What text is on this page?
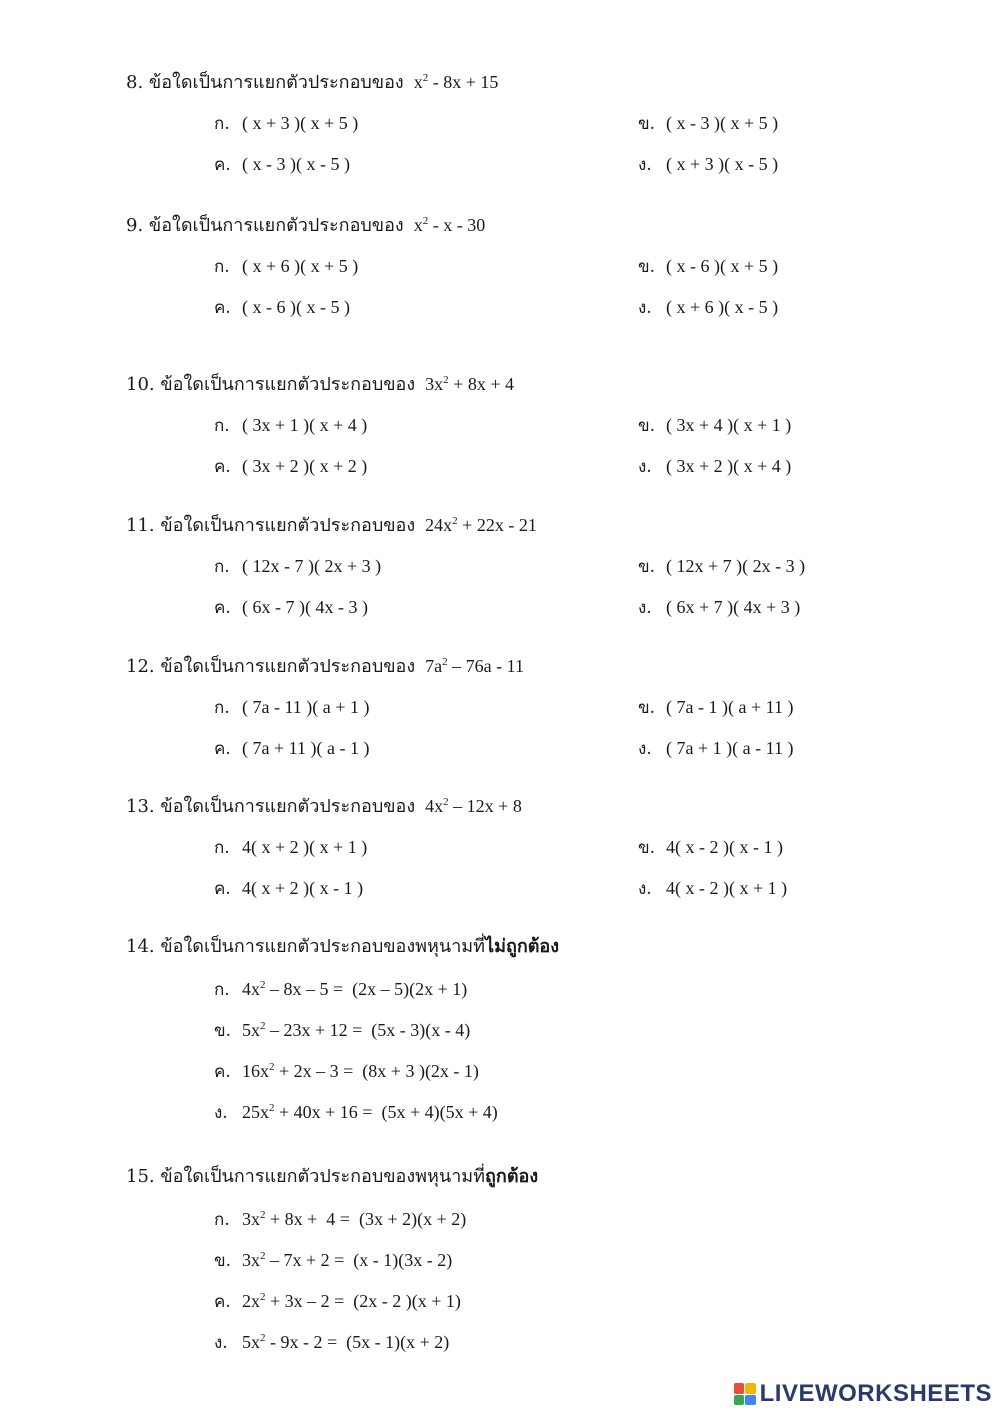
8. ข้อใดเป็นการแยกตัวประกอบของ $x^2 - 8x + 15$
ก. ( x + 3 )( x + 5 )	ข. ( x - 3 )( x + 5 )
ค. ( x - 3 )( x - 5 )	ง. ( x + 3 )( x - 5 )
9. ข้อใดเป็นการแยกตัวประกอบของ $x^2$ - x - 30
ก. ( x + 6 )( x + 5 )	ข. ( x - 6 )( x + 5 )
ค. ( x - 6 )( x - 5 )	ง. ( x + 6 )( x - 5 )
10. ข้อใดเป็นการแยกตัวประกอบของ $3x^2 + 8x + 4$
ก. ( 3x + 1 )( x + 4 )	ข. ( 3x + 4 )( x + 1 )
ค. ( 3x + 2 )( x + 2 )	ง. ( 3x + 2 )( x + 4 )
11. ข้อใดเป็นการแยกตัวประกอบของ $24x^2 + 22x - 21$
ก. ( 12x - 7 )( 2x + 3 )	ข. ( 12x + 7 )( 2x - 3 )
ค. ( 6x - 7 )( 4x - 3 )	ง. ( 6x + 7 )( 4x + 3 )
12. ข้อใดเป็นการแยกตัวประกอบของ $7a^2 - 76a - 11$
ก. ( 7a - 11 )( a + 1 )	ข. ( 7a - 1 )( a + 11 )
ค. ( 7a + 11 )( a - 1 )	ง. ( 7a + 1 )( a - 11 )
13. ข้อใดเป็นการแยกตัวประกอบของ $4x^2 - 12x + 8$
ก. 4( x + 2 )( x + 1 )	ข. 4( x - 2 )( x - 1 )
ค. 4( x + 2 )( x - 1 )	ง. 4( x - 2 )( x + 1 )
14. ข้อใดเป็นการแยกตัวประกอบของพหุนามที่ไม่ถูกต้อง
ก. $4x^2 - 8x - 5 = (2x - 5)(2x + 1)$
ข. $5x^2 - 23x + 12 = (5x - 3)(x - 4)$
ค. $16x^2 + 2x - 3 = (8x + 3$ )(2x - 1)
ง. $25x^2 + 40x + 16 = (5x + 4)(5x + 4)$
15. ข้อใดเป็นการแยกตัวประกอบของพหุนามที่ถูกต้อง
ก. $3x^2 + 8x + 4 = (3x + 2)(x + 2)$
ข. $3x^2 - 7x + 2 = (x - 1)(3x - 2)$
ค. $2x^2 + 3x - 2 = (2x - 2$ )(x + 1)
ง. $5x^2 - 9x - 2 = (5x - 1)(x + 2)$
LIVEWORKSHEETS
